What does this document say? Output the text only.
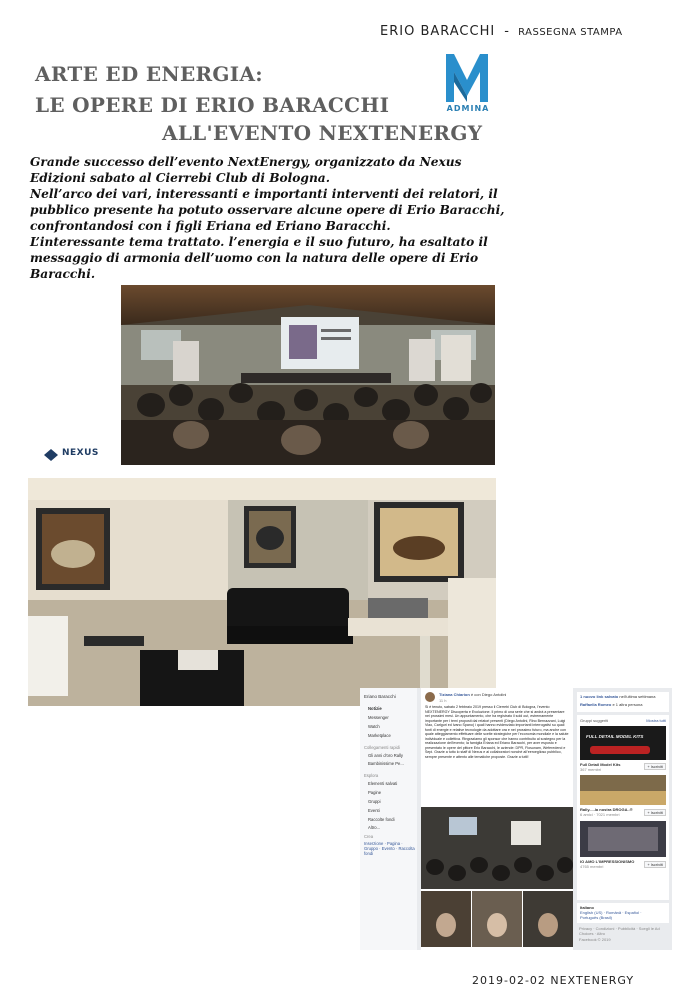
ERIO BARACCHI - RASSEGNA STAMPA
ARTE ED ENERGIA:
LE OPERE DI ERIO BARACCHI
ALL'EVENTO NEXTENERGY
ADMINA

Grande successo dell’evento NextEnergy, organizzato da Nexus Edizioni sabato al Cierrebi Club di Bologna.

Nell’arco dei vari, interessanti e importanti interventi dei relatori, il pubblico presente ha potuto osservare alcune opere di Erio Baracchi, confrontandosi con i figli Eriana ed Eriano Baracchi.

L’interessante tema trattato. l’energia e il suo futuro, ha esaltato il messaggio di armonia dell’uomo con la natura delle opere di Erio Baracchi.

NEXUS
Eriano Baracchi
Notizie
Messenger
Watch
Marketplace
Collegamenti rapidi
Gli anni d'oro Rally
Bambinissime Pe...
Esplora
Elementi salvati
Pagine
Gruppi
Eventi
Raccolte fondi
Altro...
Crea
Inserzione · Pagina · Gruppo · Evento · Raccolta fondi
Tiziana Chiarion è con Diego Antolini
11 h
Si è tenuto, sabato 2 febbraio 2019 presso il Cierrebi Club di Bologna, l'evento NEXTENERGY Discoperta e Evoluzione. Il primo di una serie che si andrà a presentare nei prossimi mesi. Un appuntamento, che ha registrato il sold out, estremamente importante per i temi proposti dai relatori presenti (Diego Antolini, Rino Bernazzani, Luigi Viao, Carlguri ed Ivano Spano) i quali hanno evidenziato importanti interrogativi su quali fonti di energie e relative tecnologie da adottare ora e nei prossimo futuro, ma anche con quale atteggiamento effettuare delle scelte strategiche per l'economia mondiale e la salute individuale e collettiva. Ringraziamo gli sponsor che hanno contribuito al sostegno per la realizzazione dell'evento; la famiglia Eriana ed Eriano Baracchi, per aver esposto e presentato le opere del pittore Erio Baracchi, le aziende: DPR, Fiosunam, Weferedend e Sepi. Grazie a tutto lo staff di Nexus e ai collaboratori nonché all'eeroeglioso pubblico, sempre presente e attento alle tematiche proposte. Grazie a tutti!
1 nuovo link salvato nell'ultima settimana
Raffaella Romeo e 1 altra persona
Gruppi suggeriti	Mostra tutti
FULL DETAIL MODEL KITS
Full Detail Model Kits
367 membri
+ Iscriviti
Rally.....la nostra DROGA..®
6 amici · 7021 membri	+ Iscriviti
IO AMO L'IMPRESSIONISMO
4765 membri	+ Iscriviti
Italiano
English (US) · Română · Español · Português (Brasil)
Privacy · Condizioni · Pubblicità · Scegli le Ad Choices · Altro
Facebook © 2019
2019-02-02 NEXTENERGY
